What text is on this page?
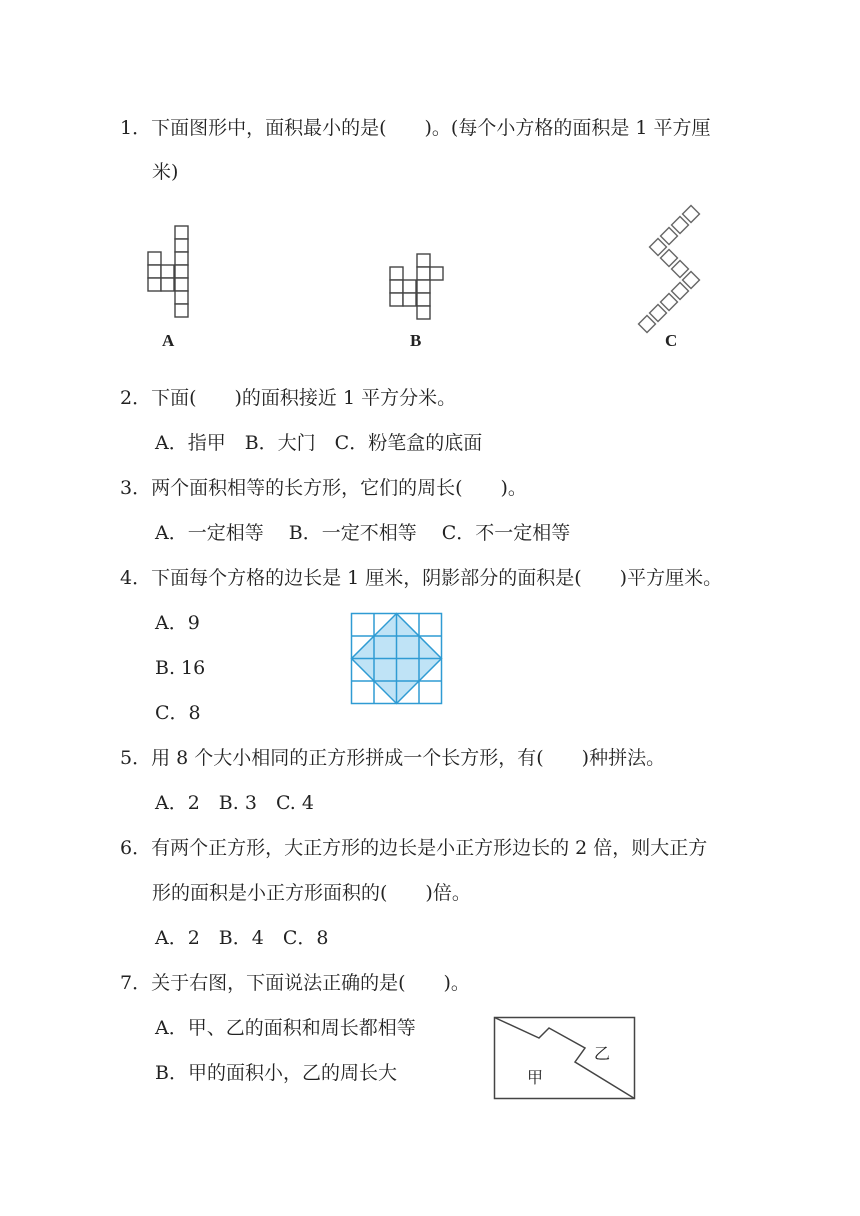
1．下面图形中，面积最小的是(　　)。(每个小方格的面积是 1 平方厘
米)
A	B	C
2．下面(　　)的面积接近 1 平方分米。
A．指甲　B．大门　C．粉笔盒的底面
3．两个面积相等的长方形，它们的周长(　　)。
A．一定相等　 B．一定不相等　 C．不一定相等
4．下面每个方格的边长是 1 厘米，阴影部分的面积是(　　)平方厘米。
A．9
B. 16
C．8
5．用 8 个大小相同的正方形拼成一个长方形，有(　　)种拼法。
A．2　B. 3　C. 4
6．有两个正方形，大正方形的边长是小正方形边长的 2 倍，则大正方
形的面积是小正方形面积的(　　)倍。
A．2　B．4　C．8
7．关于右图，下面说法正确的是(　　)。
A．甲、乙的面积和周长都相等
B．甲的面积小，乙的周长大	甲
乙
